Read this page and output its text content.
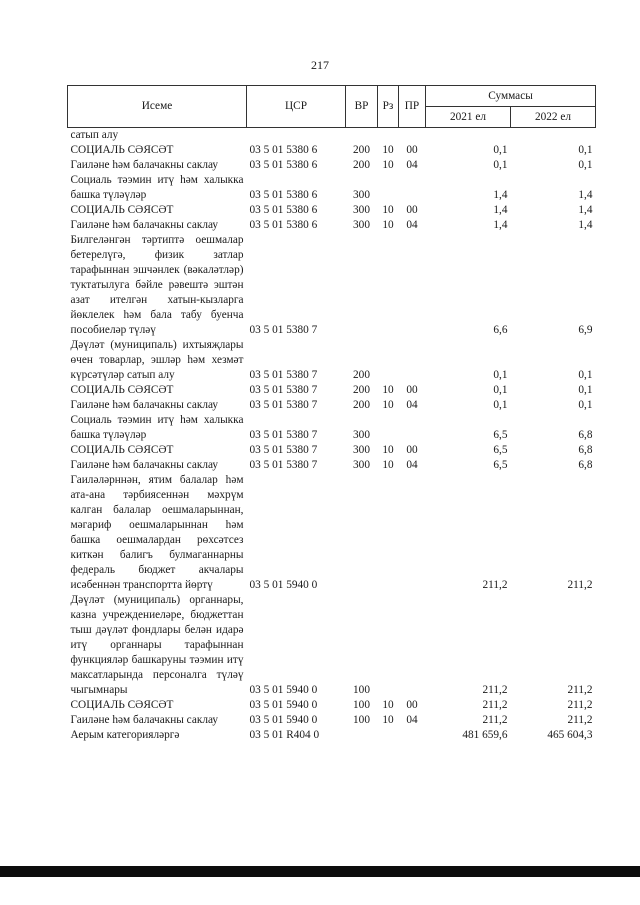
217
Исеме	ЦСР	ВР	Рз	ПР	Суммасы	
					2021 ел	2022 ел
сатып алу						
СОЦИАЛЬ СӘЯСӘТ	03 5 01 5380 6	200	10	00	0,1	0,1
Гаиләне һәм балачакны саклау	03 5 01 5380 6	200	10	04	0,1	0,1
Социаль тәэмин итү һәм халыкка башка түләүләр	03 5 01 5380 6	300			1,4	1,4
СОЦИАЛЬ СӘЯСӘТ	03 5 01 5380 6	300	10	00	1,4	1,4
Гаиләне һәм балачакны саклау	03 5 01 5380 6	300	10	04	1,4	1,4
Билгеләнгән тәртиптә оешмалар бетерелүгә, физик затлар тарафыннан эшчәнлек (вәкаләтләр) туктатылуга бәйле рәвештә эштән азат ителгән хатын-кызларга йөклелек һәм бала табу буенча пособиеләр түләү	03 5 01 5380 7				6,6	6,9
Дәүләт (муниципаль) ихтыяҗлары өчен товарлар, эшләр һәм хезмәт күрсәтүләр сатып алу	03 5 01 5380 7	200			0,1	0,1
СОЦИАЛЬ СӘЯСӘТ	03 5 01 5380 7	200	10	00	0,1	0,1
Гаиләне һәм балачакны саклау	03 5 01 5380 7	200	10	04	0,1	0,1
Социаль тәэмин итү һәм халыкка башка түләүләр	03 5 01 5380 7	300			6,5	6,8
СОЦИАЛЬ СӘЯСӘТ	03 5 01 5380 7	300	10	00	6,5	6,8
Гаиләне һәм балачакны саклау	03 5 01 5380 7	300	10	04	6,5	6,8
Гаиләләрннән, ятим балалар һәм ата-ана тәрбиясеннән мәхрүм калган балалар оешмаларыннан, мәгариф оешмаларыннан һәм башка оешмалардан рөхсәтсез киткән балигъ булмаганнарны федераль бюджет акчалары исәбеннән транспортта йөртү	03 5 01 5940 0				211,2	211,2
Дәүләт (муниципаль) органнары, казна учреждениеләре, бюджеттан тыш дәүләт фондлары белән идарә итү органнары тарафыннан функцияләр башкаруны тәэмин итү максатларында персоналга түләү чыгымнары	03 5 01 5940 0	100			211,2	211,2
СОЦИАЛЬ СӘЯСӘТ	03 5 01 5940 0	100	10	00	211,2	211,2
Гаиләне һәм балачакны саклау	03 5 01 5940 0	100	10	04	211,2	211,2
Аерым категорияләргә	03 5 01 R404 0				481 659,6	465 604,3
